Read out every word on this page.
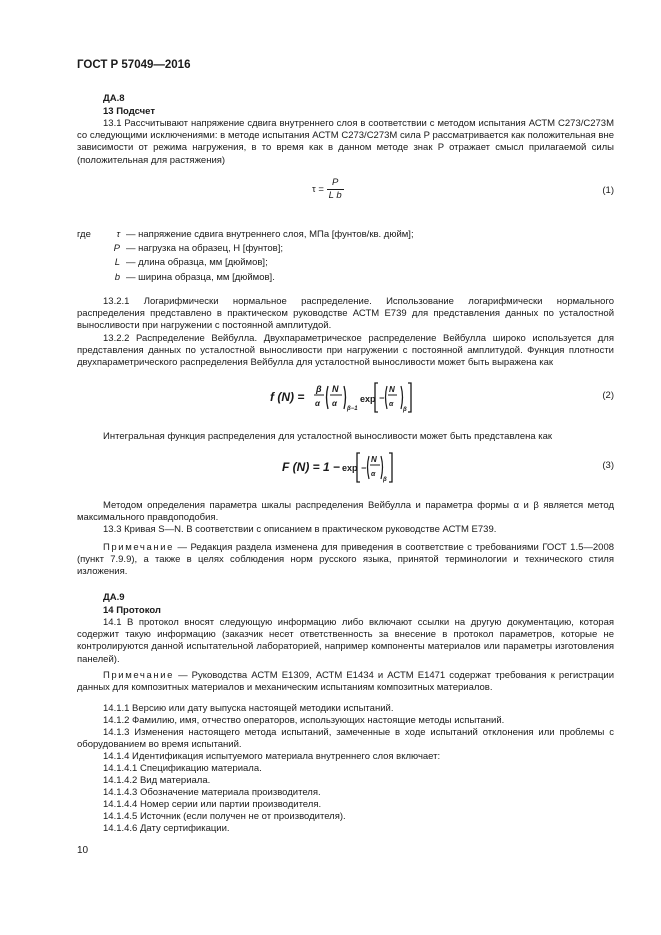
ГОСТ Р 57049—2016
ДА.8
13 Подсчет
13.1 Рассчитывают напряжение сдвига внутреннего слоя в соответствии с методом испытания АСТМ C273/C273M со следующими исключениями: в методе испытания АСТМ C273/C273M сила P рассматривается как положительная вне зависимости от режима нагружения, в то время как в данном методе знак P отражает смысл прилагаемой силы (положительная для растяжения)
$\tau = \frac{P}{\text{L b}}$	(1)
где	τ — напряжение сдвига внутреннего слоя, МПа [фунтов/кв. дюйм];
P — нагрузка на образец, Н [фунтов];
L — длина образца, мм [дюймов];
b — ширина образца, мм [дюймов].
13.2.1 Логарифмически нормальное распределение. Использование логарифмически нормального распределения представлено в практическом руководстве АСТМ Е739 для представления данных по усталостной выносливости при нагружении с постоянной амплитудой.
13.2.2 Распределение Вейбулла. Двухпараметрическое распределение Вейбулла широко используется для представления данных по усталостной выносливости при нагружении с постоянной амплитудой. Функция плотности двухпараметрического распределения Вейбулла для усталостной выносливости может быть выражена как
f (N) =
β
α
N
α
β−1
exp −
N
α
β
(2)
Интегральная функция распределения для усталостной выносливости может быть представлена как
F (N) = 1 − exp −
N
α
β
(3)
Методом определения параметра шкалы распределения Вейбулла и параметра формы α и β является метод максимального правдоподобия.
13.3 Кривая S—N. В соответствии с описанием в практическом руководстве АСТМ Е739.
Примечание — Редакция раздела изменена для приведения в соответствие с требованиями ГОСТ 1.5—2008 (пункт 7.9.9), а также в целях соблюдения норм русского языка, принятой терминологии и технического стиля изложения.
ДА.9
14 Протокол
14.1 В протокол вносят следующую информацию либо включают ссылки на другую документацию, которая содержит такую информацию (заказчик несет ответственность за внесение в протокол параметров, которые не контролируются данной испытательной лабораторией, например компоненты материалов или параметры изготовления панелей).
Примечание — Руководства АСТМ Е1309, АСТМ Е1434 и АСТМ Е1471 содержат требования к регистрации данных для композитных материалов и механическим испытаниям композитных материалов.
14.1.1 Версию или дату выпуска настоящей методики испытаний.
14.1.2 Фамилию, имя, отчество операторов, использующих настоящие методы испытаний.
14.1.3 Изменения настоящего метода испытаний, замеченные в ходе испытаний отклонения или проблемы с оборудованием во время испытаний.
14.1.4 Идентификация испытуемого материала внутреннего слоя включает:
14.1.4.1 Спецификацию материала.
14.1.4.2 Вид материала.
14.1.4.3 Обозначение материала производителя.
14.1.4.4 Номер серии или партии производителя.
14.1.4.5 Источник (если получен не от производителя).
14.1.4.6 Дату сертификации.
10
